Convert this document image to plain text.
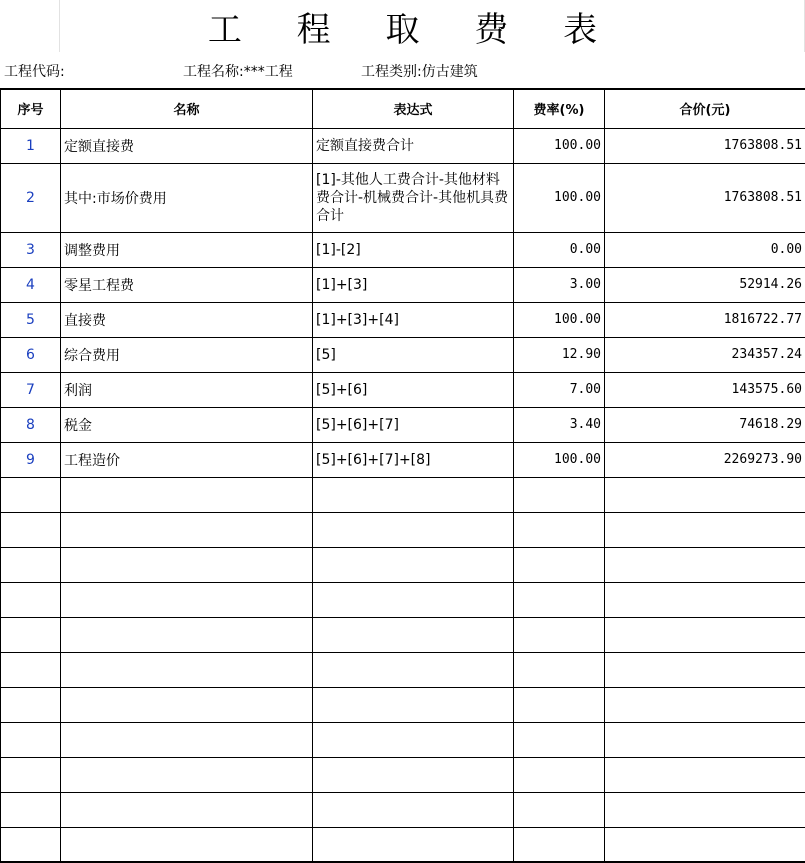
工 程 取 费 表
工程代码:	工程名称:***工程	工程类别:仿古建筑
序号	名称	表达式	费率(%)	合价(元)
1	定额直接费	定额直接费合计	100.00	1763808.51
2	其中:市场价费用	[1]-其他人工费合计-其他材料费合计-机械费合计-其他机具费合计	100.00	1763808.51
3	调整费用	[1]-[2]	0.00	0.00
4	零星工程费	[1]+[3]	3.00	52914.26
5	直接费	[1]+[3]+[4]	100.00	1816722.77
6	综合费用	[5]	12.90	234357.24
7	利润	[5]+[6]	7.00	143575.60
8	税金	[5]+[6]+[7]	3.40	74618.29
9	工程造价	[5]+[6]+[7]+[8]	100.00	2269273.90
